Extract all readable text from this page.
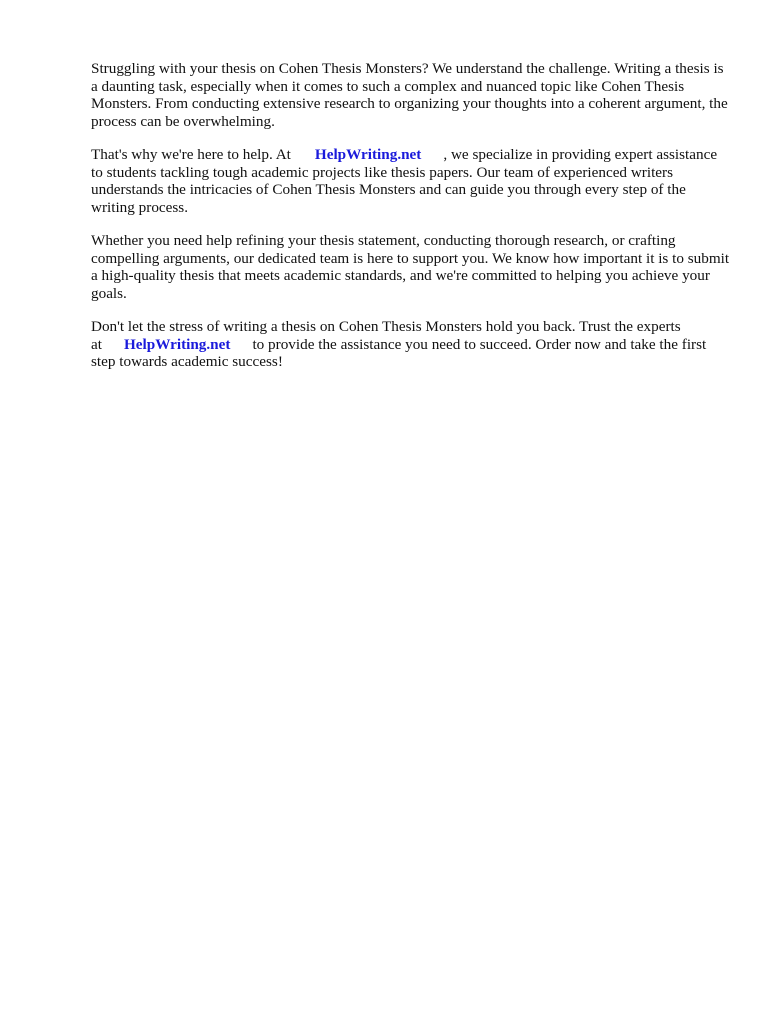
Struggling with your thesis on Cohen Thesis Monsters? We understand the challenge. Writing a thesis is a daunting task, especially when it comes to such a complex and nuanced topic like Cohen Thesis Monsters. From conducting extensive research to organizing your thoughts into a coherent argument, the process can be overwhelming.

That's why we're here to help. At HelpWriting.net , we specialize in providing expert assistance to students tackling tough academic projects like thesis papers. Our team of experienced writers understands the intricacies of Cohen Thesis Monsters and can guide you through every step of the writing process.

Whether you need help refining your thesis statement, conducting thorough research, or crafting compelling arguments, our dedicated team is here to support you. We know how important it is to submit a high-quality thesis that meets academic standards, and we're committed to helping you achieve your goals.

Don't let the stress of writing a thesis on Cohen Thesis Monsters hold you back. Trust the experts at HelpWriting.net to provide the assistance you need to succeed. Order now and take the first step towards academic success!
